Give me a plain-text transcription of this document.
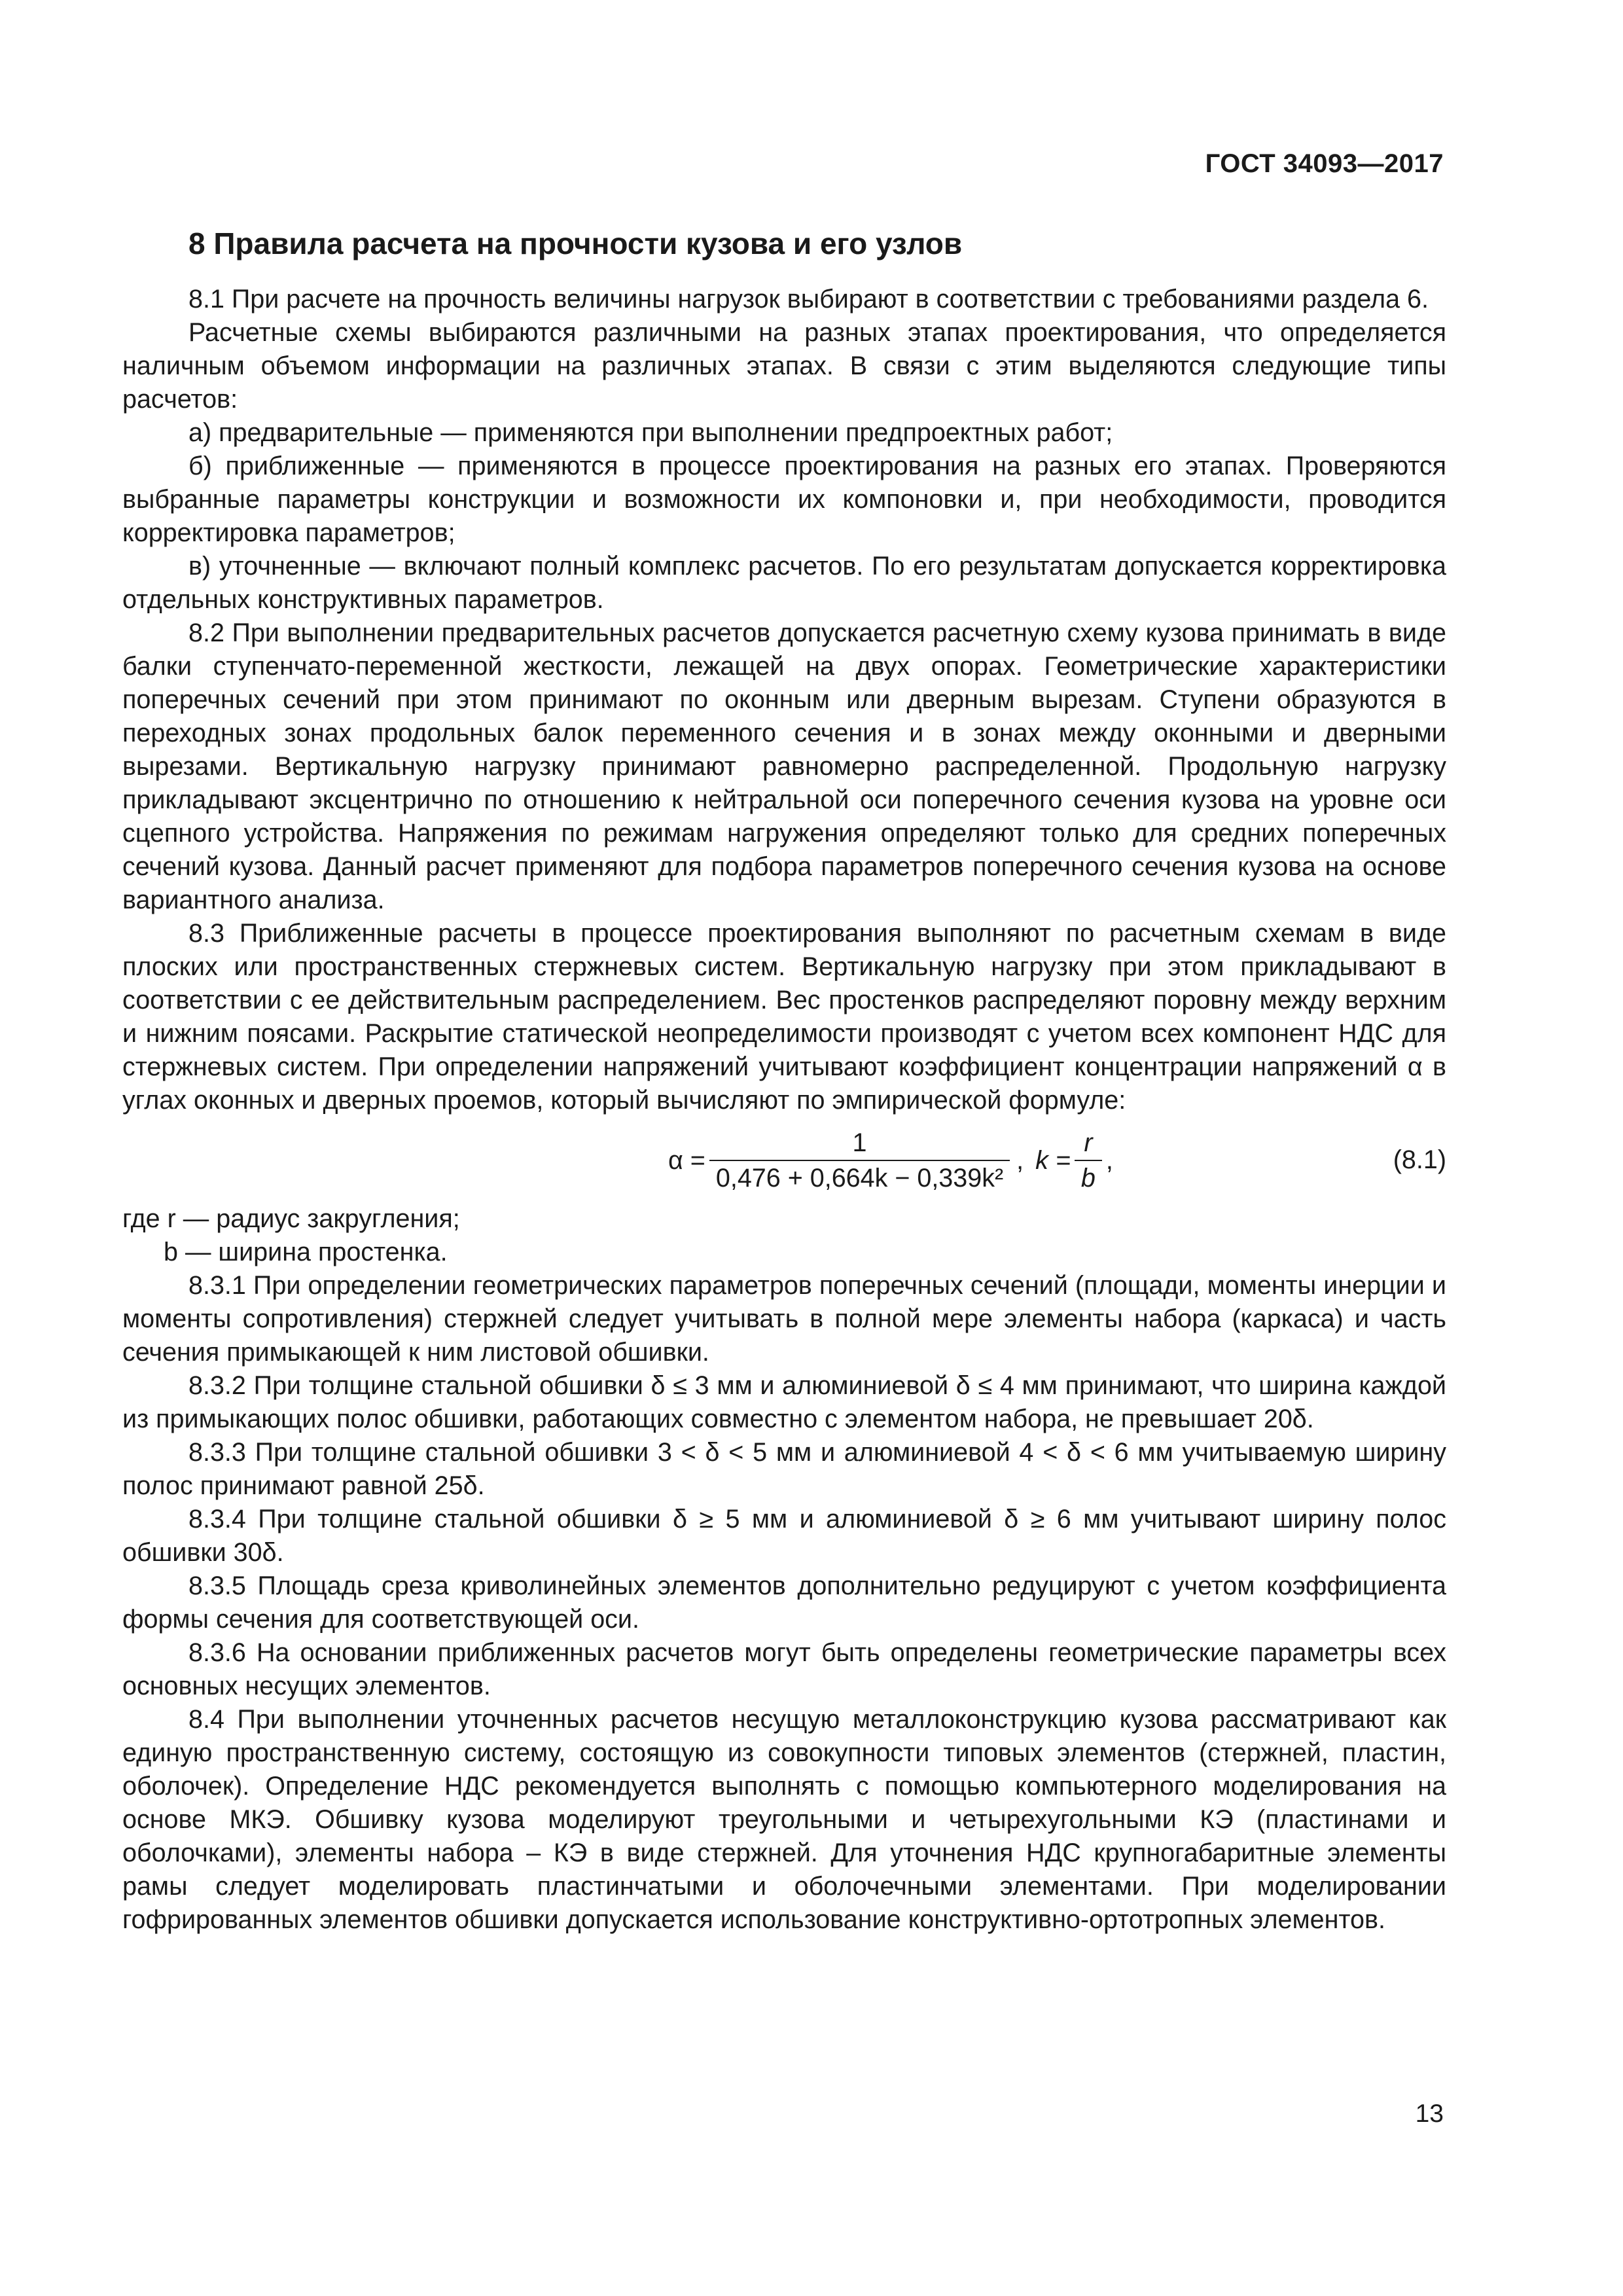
ГОСТ 34093—2017
8 Правила расчета на прочности кузова и его узлов

8.1 При расчете на прочность величины нагрузок выбирают в соответствии с требованиями раздела 6.

Расчетные схемы выбираются различными на разных этапах проектирования, что определяется наличным объемом информации на различных этапах. В связи с этим выделяются следующие типы расчетов:

а) предварительные — применяются при выполнении предпроектных работ;

б) приближенные — применяются в процессе проектирования на разных его этапах. Проверяются выбранные параметры конструкции и возможности их компоновки и, при необходимости, проводится корректировка параметров;

в) уточненные — включают полный комплекс расчетов. По его результатам допускается корректировка отдельных конструктивных параметров.

8.2 При выполнении предварительных расчетов допускается расчетную схему кузова принимать в виде балки ступенчато-переменной жесткости, лежащей на двух опорах. Геометрические характеристики поперечных сечений при этом принимают по оконным или дверным вырезам. Ступени образуются в переходных зонах продольных балок переменного сечения и в зонах между оконными и дверными вырезами. Вертикальную нагрузку принимают равномерно распределенной. Продольную нагрузку прикладывают эксцентрично по отношению к нейтральной оси поперечного сечения кузова на уровне оси сцепного устройства. Напряжения по режимам нагружения определяют только для средних поперечных сечений кузова. Данный расчет применяют для подбора параметров поперечного сечения кузова на основе вариантного анализа.

8.3 Приближенные расчеты в процессе проектирования выполняют по расчетным схемам в виде плоских или пространственных стержневых систем. Вертикальную нагрузку при этом прикладывают в соответствии с ее действительным распределением. Вес простенков распределяют поровну между верхним и нижним поясами. Раскрытие статической неопределимости производят с учетом всех компонент НДС для стержневых систем. При определении напряжений учитывают коэффициент концентрации напряжений α в углах оконных и дверных проемов, который вычисляют по эмпирической формуле:

$\alpha = \frac{1}{\text{0,476 + 0,664k − 0,339k²}}$ , $k = \frac{r}{b}$ ,	(8.1)

где r — радиус закругления;

b — ширина простенка.

8.3.1 При определении геометрических параметров поперечных сечений (площади, моменты инерции и моменты сопротивления) стержней следует учитывать в полной мере элементы набора (каркаса) и часть сечения примыкающей к ним листовой обшивки.

8.3.2 При толщине стальной обшивки δ ≤ 3 мм и алюминиевой δ ≤ 4 мм принимают, что ширина каждой из примыкающих полос обшивки, работающих совместно с элементом набора, не превышает 20δ.

8.3.3 При толщине стальной обшивки 3 < δ < 5 мм и алюминиевой 4 < δ < 6 мм учитываемую ширину полос принимают равной 25δ.

8.3.4 При толщине стальной обшивки δ ≥ 5 мм и алюминиевой δ ≥ 6 мм учитывают ширину полос обшивки 30δ.

8.3.5 Площадь среза криволинейных элементов дополнительно редуцируют с учетом коэффициента формы сечения для соответствующей оси.

8.3.6 На основании приближенных расчетов могут быть определены геометрические параметры всех основных несущих элементов.

8.4 При выполнении уточненных расчетов несущую металлоконструкцию кузова рассматривают как единую пространственную систему, состоящую из совокупности типовых элементов (стержней, пластин, оболочек). Определение НДС рекомендуется выполнять с помощью компьютерного моделирования на основе МКЭ. Обшивку кузова моделируют треугольными и четырехугольными КЭ (пластинами и оболочками), элементы набора – КЭ в виде стержней. Для уточнения НДС крупногабаритные элементы рамы следует моделировать пластинчатыми и оболочечными элементами. При моделировании гофрированных элементов обшивки допускается использование конструктивно-ортотропных элементов.

13
